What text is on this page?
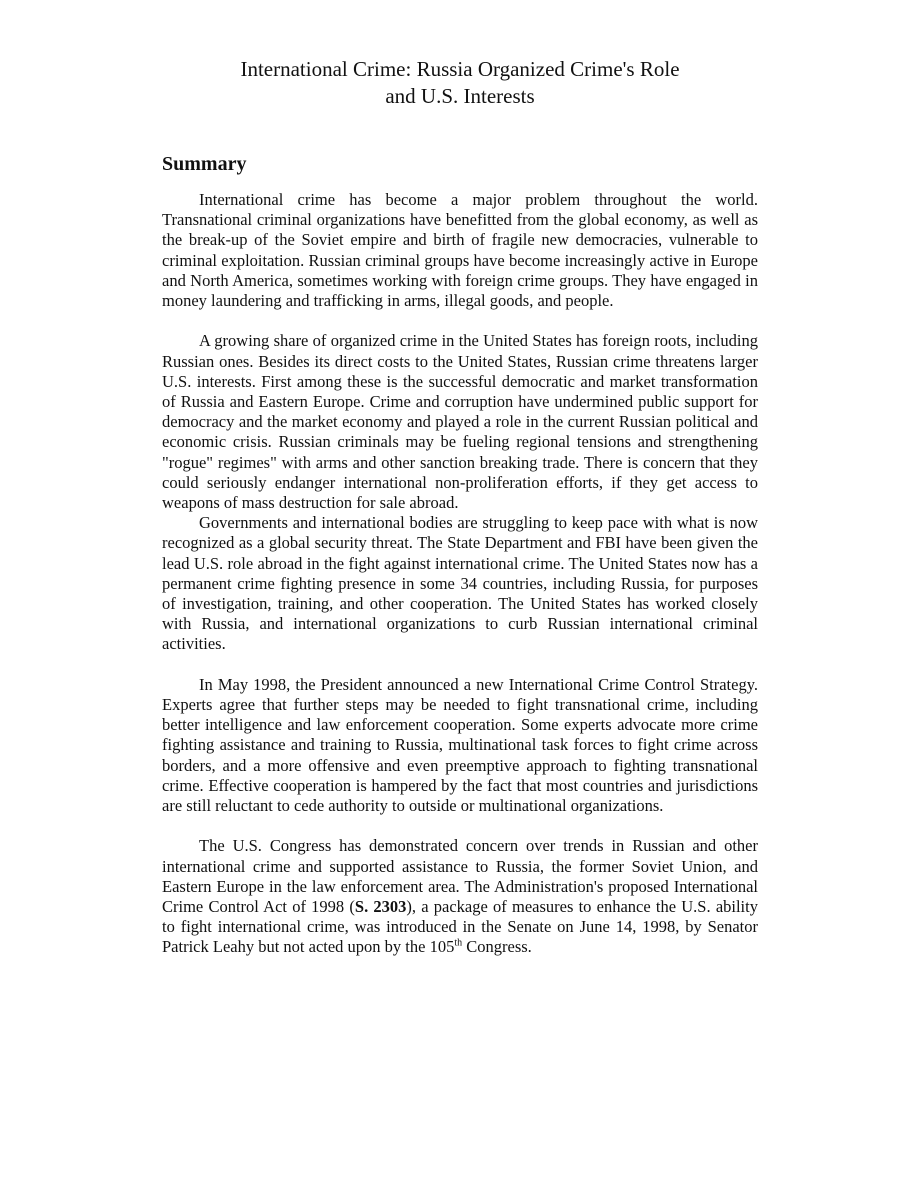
International Crime: Russia Organized Crime's Role
and U.S. Interests
Summary

International crime has become a major problem throughout the world. Transnational criminal organizations have benefitted from the global economy, as well as the break-up of the Soviet empire and birth of fragile new democracies, vulnerable to criminal exploitation. Russian criminal groups have become increasingly active in Europe and North America, sometimes working with foreign crime groups. They have engaged in money laundering and trafficking in arms, illegal goods, and people.

A growing share of organized crime in the United States has foreign roots, including Russian ones. Besides its direct costs to the United States, Russian crime threatens larger U.S. interests. First among these is the successful democratic and market transformation of Russia and Eastern Europe. Crime and corruption have undermined public support for democracy and the market economy and played a role in the current Russian political and economic crisis. Russian criminals may be fueling regional tensions and strengthening "rogue" regimes" with arms and other sanction breaking trade. There is concern that they could seriously endanger international non-proliferation efforts, if they get access to weapons of mass destruction for sale abroad.

Governments and international bodies are struggling to keep pace with what is now recognized as a global security threat. The State Department and FBI have been given the lead U.S. role abroad in the fight against international crime. The United States now has a permanent crime fighting presence in some 34 countries, including Russia, for purposes of investigation, training, and other cooperation. The United States has worked closely with Russia, and international organizations to curb Russian international criminal activities.

In May 1998, the President announced a new International Crime Control Strategy. Experts agree that further steps may be needed to fight transnational crime, including better intelligence and law enforcement cooperation. Some experts advocate more crime fighting assistance and training to Russia, multinational task forces to fight crime across borders, and a more offensive and even preemptive approach to fighting transnational crime. Effective cooperation is hampered by the fact that most countries and jurisdictions are still reluctant to cede authority to outside or multinational organizations.

The U.S. Congress has demonstrated concern over trends in Russian and other international crime and supported assistance to Russia, the former Soviet Union, and Eastern Europe in the law enforcement area. The Administration's proposed International Crime Control Act of 1998 (S. 2303), a package of measures to enhance the U.S. ability to fight international crime, was introduced in the Senate on June 14, 1998, by Senator Patrick Leahy but not acted upon by the 105th Congress.
